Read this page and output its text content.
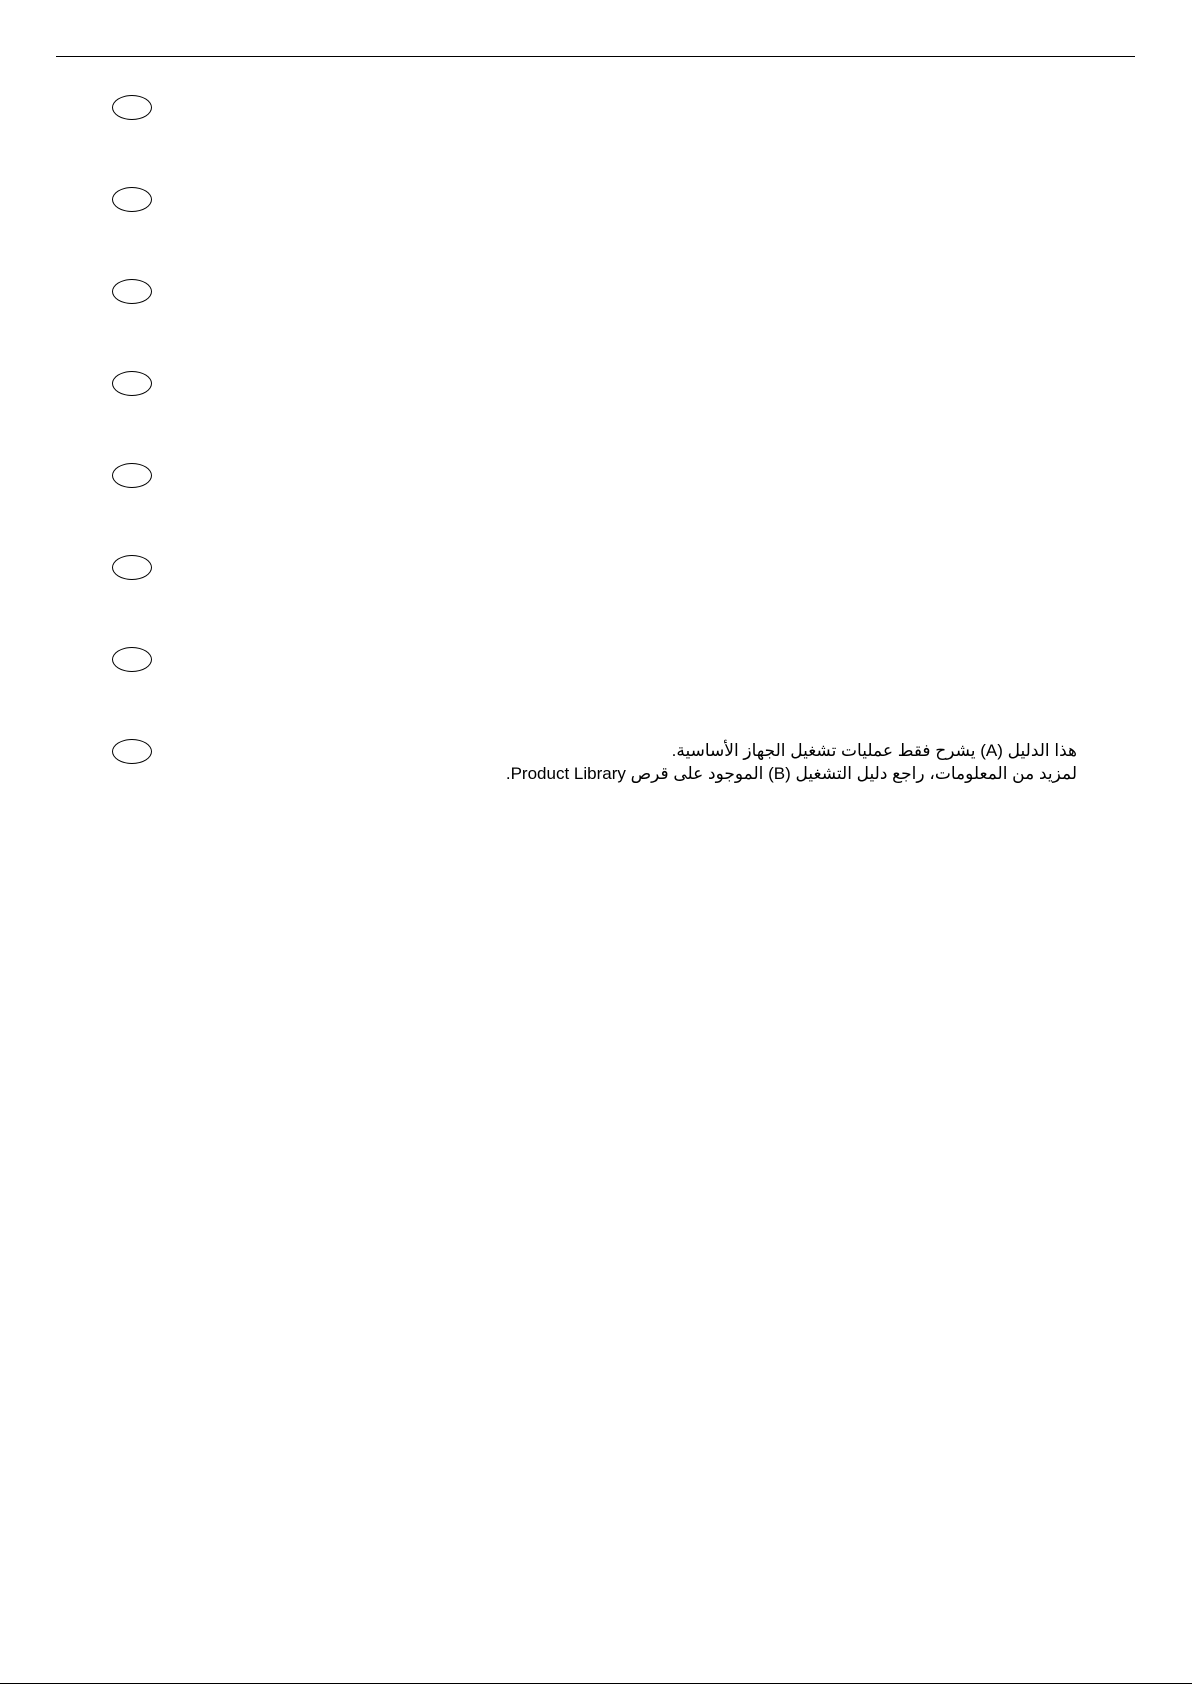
هذا الدليل (A) يشرح فقط عمليات تشغيل الجهاز الأساسية.
لمزيد من المعلومات، راجع دليل التشغيل (B) الموجود على قرص Product Library.
